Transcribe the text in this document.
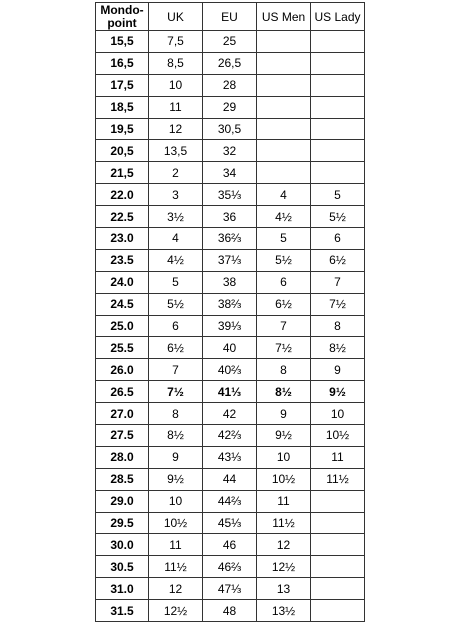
Mondo-
point	UK	EU	US Men	US Lady
15,5	7,5	25		
16,5	8,5	26,5		
17,5	10	28		
18,5	11	29		
19,5	12	30,5		
20,5	13,5	32		
21,5	2	34		
22.0	3	35⅓	4	5
22.5	3½	36	4½	5½
23.0	4	36⅔	5	6
23.5	4½	37⅓	5½	6½
24.0	5	38	6	7
24.5	5½	38⅔	6½	7½
25.0	6	39⅓	7	8
25.5	6½	40	7½	8½
26.0	7	40⅔	8	9
26.5	7½	41⅓	8½	9½
27.0	8	42	9	10
27.5	8½	42⅔	9½	10½
28.0	9	43⅓	10	11
28.5	9½	44	10½	11½
29.0	10	44⅔	11	
29.5	10½	45⅓	11½	
30.0	11	46	12	
30.5	11½	46⅔	12½	
31.0	12	47⅓	13	
31.5	12½	48	13½	
